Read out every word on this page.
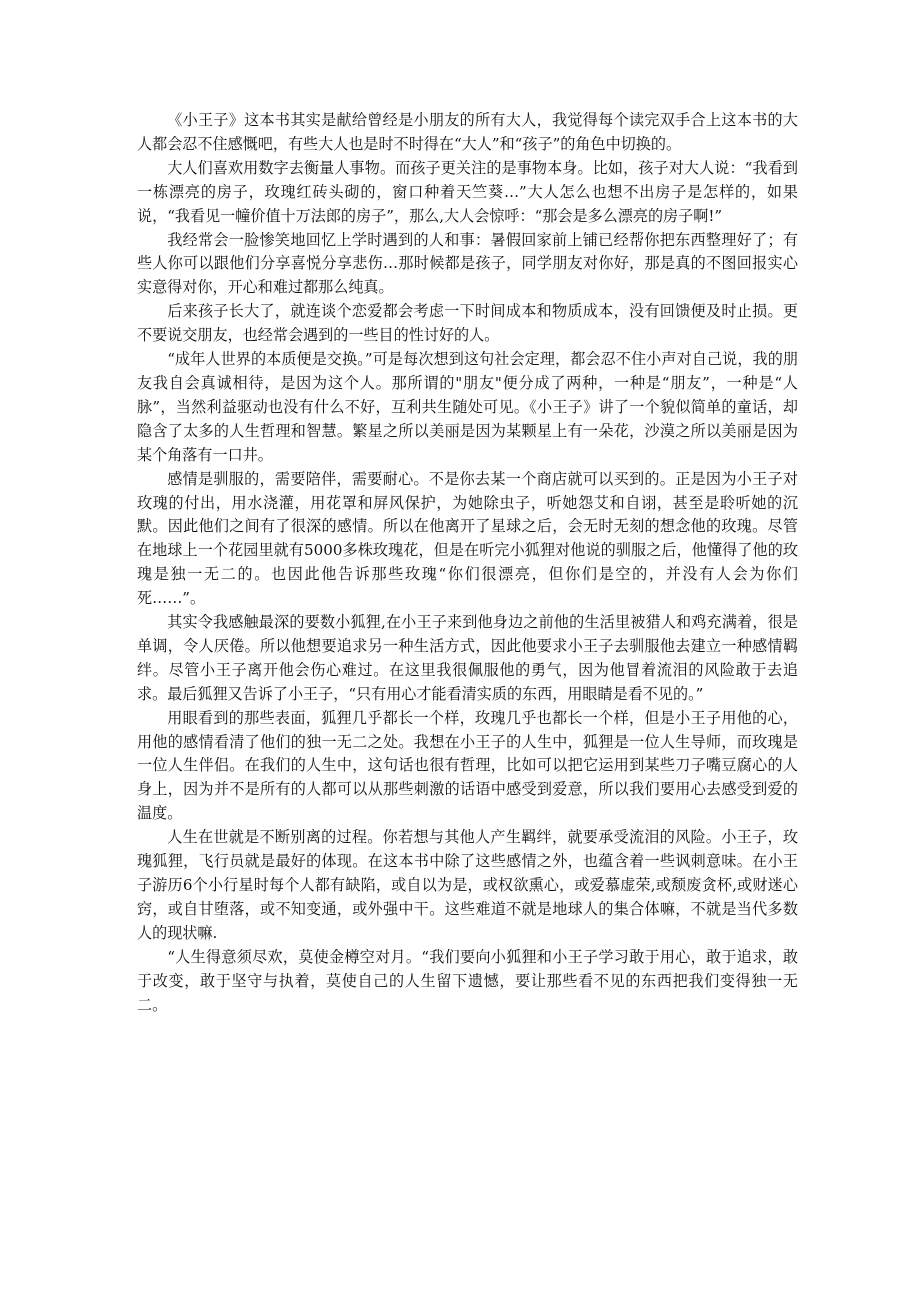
《小王子》这本书其实是献给曾经是小朋友的所有大人，我觉得每个读完双手合上这本书的大人都会忍不住感慨吧，有些大人也是时不时得在“大人”和“孩子”的角色中切换的。

大人们喜欢用数字去衡量人事物。而孩子更关注的是事物本身。比如，孩子对大人说：“我看到一栋漂亮的房子，玫瑰红砖头砌的，窗口种着天竺葵…”大人怎么也想不出房子是怎样的，如果说，“我看见一幢价值十万法郎的房子”，那么,大人会惊呼：“那会是多么漂亮的房子啊!”

我经常会一脸惨笑地回忆上学时遇到的人和事：暑假回家前上铺已经帮你把东西整理好了；有些人你可以跟他们分享喜悦分享悲伤…那时候都是孩子，同学朋友对你好，那是真的不图回报实心实意得对你，开心和难过都那么纯真。

后来孩子长大了，就连谈个恋爱都会考虑一下时间成本和物质成本，没有回馈便及时止损。更不要说交朋友，也经常会遇到的一些目的性讨好的人。

“成年人世界的本质便是交换。”可是每次想到这句社会定理，都会忍不住小声对自己说，我的朋友我自会真诚相待，是因为这个人。那所谓的"朋友"便分成了两种，一种是“朋友”，一种是“人脉”，当然利益驱动也没有什么不好，互利共生随处可见。《小王子》讲了一个貌似简单的童话，却隐含了太多的人生哲理和智慧。繁星之所以美丽是因为某颗星上有一朵花，沙漠之所以美丽是因为某个角落有一口井。

感情是驯服的，需要陪伴，需要耐心。不是你去某一个商店就可以买到的。正是因为小王子对玫瑰的付出，用水浇灌，用花罩和屏风保护，为她除虫子，听她怨艾和自诩，甚至是聆听她的沉默。因此他们之间有了很深的感情。所以在他离开了星球之后，会无时无刻的想念他的玫瑰。尽管在地球上一个花园里就有5000多株玫瑰花，但是在听完小狐狸对他说的驯服之后，他懂得了他的玫瑰是独一无二的。也因此他告诉那些玫瑰“你们很漂亮，但你们是空的，并没有人会为你们死……”。

其实令我感触最深的要数小狐狸,在小王子来到他身边之前他的生活里被猎人和鸡充满着，很是单调，令人厌倦。所以他想要追求另一种生活方式，因此他要求小王子去驯服他去建立一种感情羁绊。尽管小王子离开他会伤心难过。在这里我很佩服他的勇气，因为他冒着流泪的风险敢于去追求。最后狐狸又告诉了小王子，“只有用心才能看清实质的东西，用眼睛是看不见的。”

用眼看到的那些表面，狐狸几乎都长一个样，玫瑰几乎也都长一个样，但是小王子用他的心，用他的感情看清了他们的独一无二之处。我想在小王子的人生中，狐狸是一位人生导师，而玫瑰是一位人生伴侣。在我们的人生中，这句话也很有哲理，比如可以把它运用到某些刀子嘴豆腐心的人身上，因为并不是所有的人都可以从那些刺激的话语中感受到爱意，所以我们要用心去感受到爱的温度。

人生在世就是不断别离的过程。你若想与其他人产生羁绊，就要承受流泪的风险。小王子，玫瑰狐狸，飞行员就是最好的体现。在这本书中除了这些感情之外，也蕴含着一些讽刺意味。在小王子游历6个小行星时每个人都有缺陷，或自以为是，或权欲熏心，或爱慕虚荣,或颓废贪杯,或财迷心窍，或自甘堕落，或不知变通，或外强中干。这些难道不就是地球人的集合体嘛，不就是当代多数人的现状嘛.

“人生得意须尽欢，莫使金樽空对月。“我们要向小狐狸和小王子学习敢于用心，敢于追求，敢于改变，敢于坚守与执着，莫使自己的人生留下遗憾，要让那些看不见的东西把我们变得独一无二。
